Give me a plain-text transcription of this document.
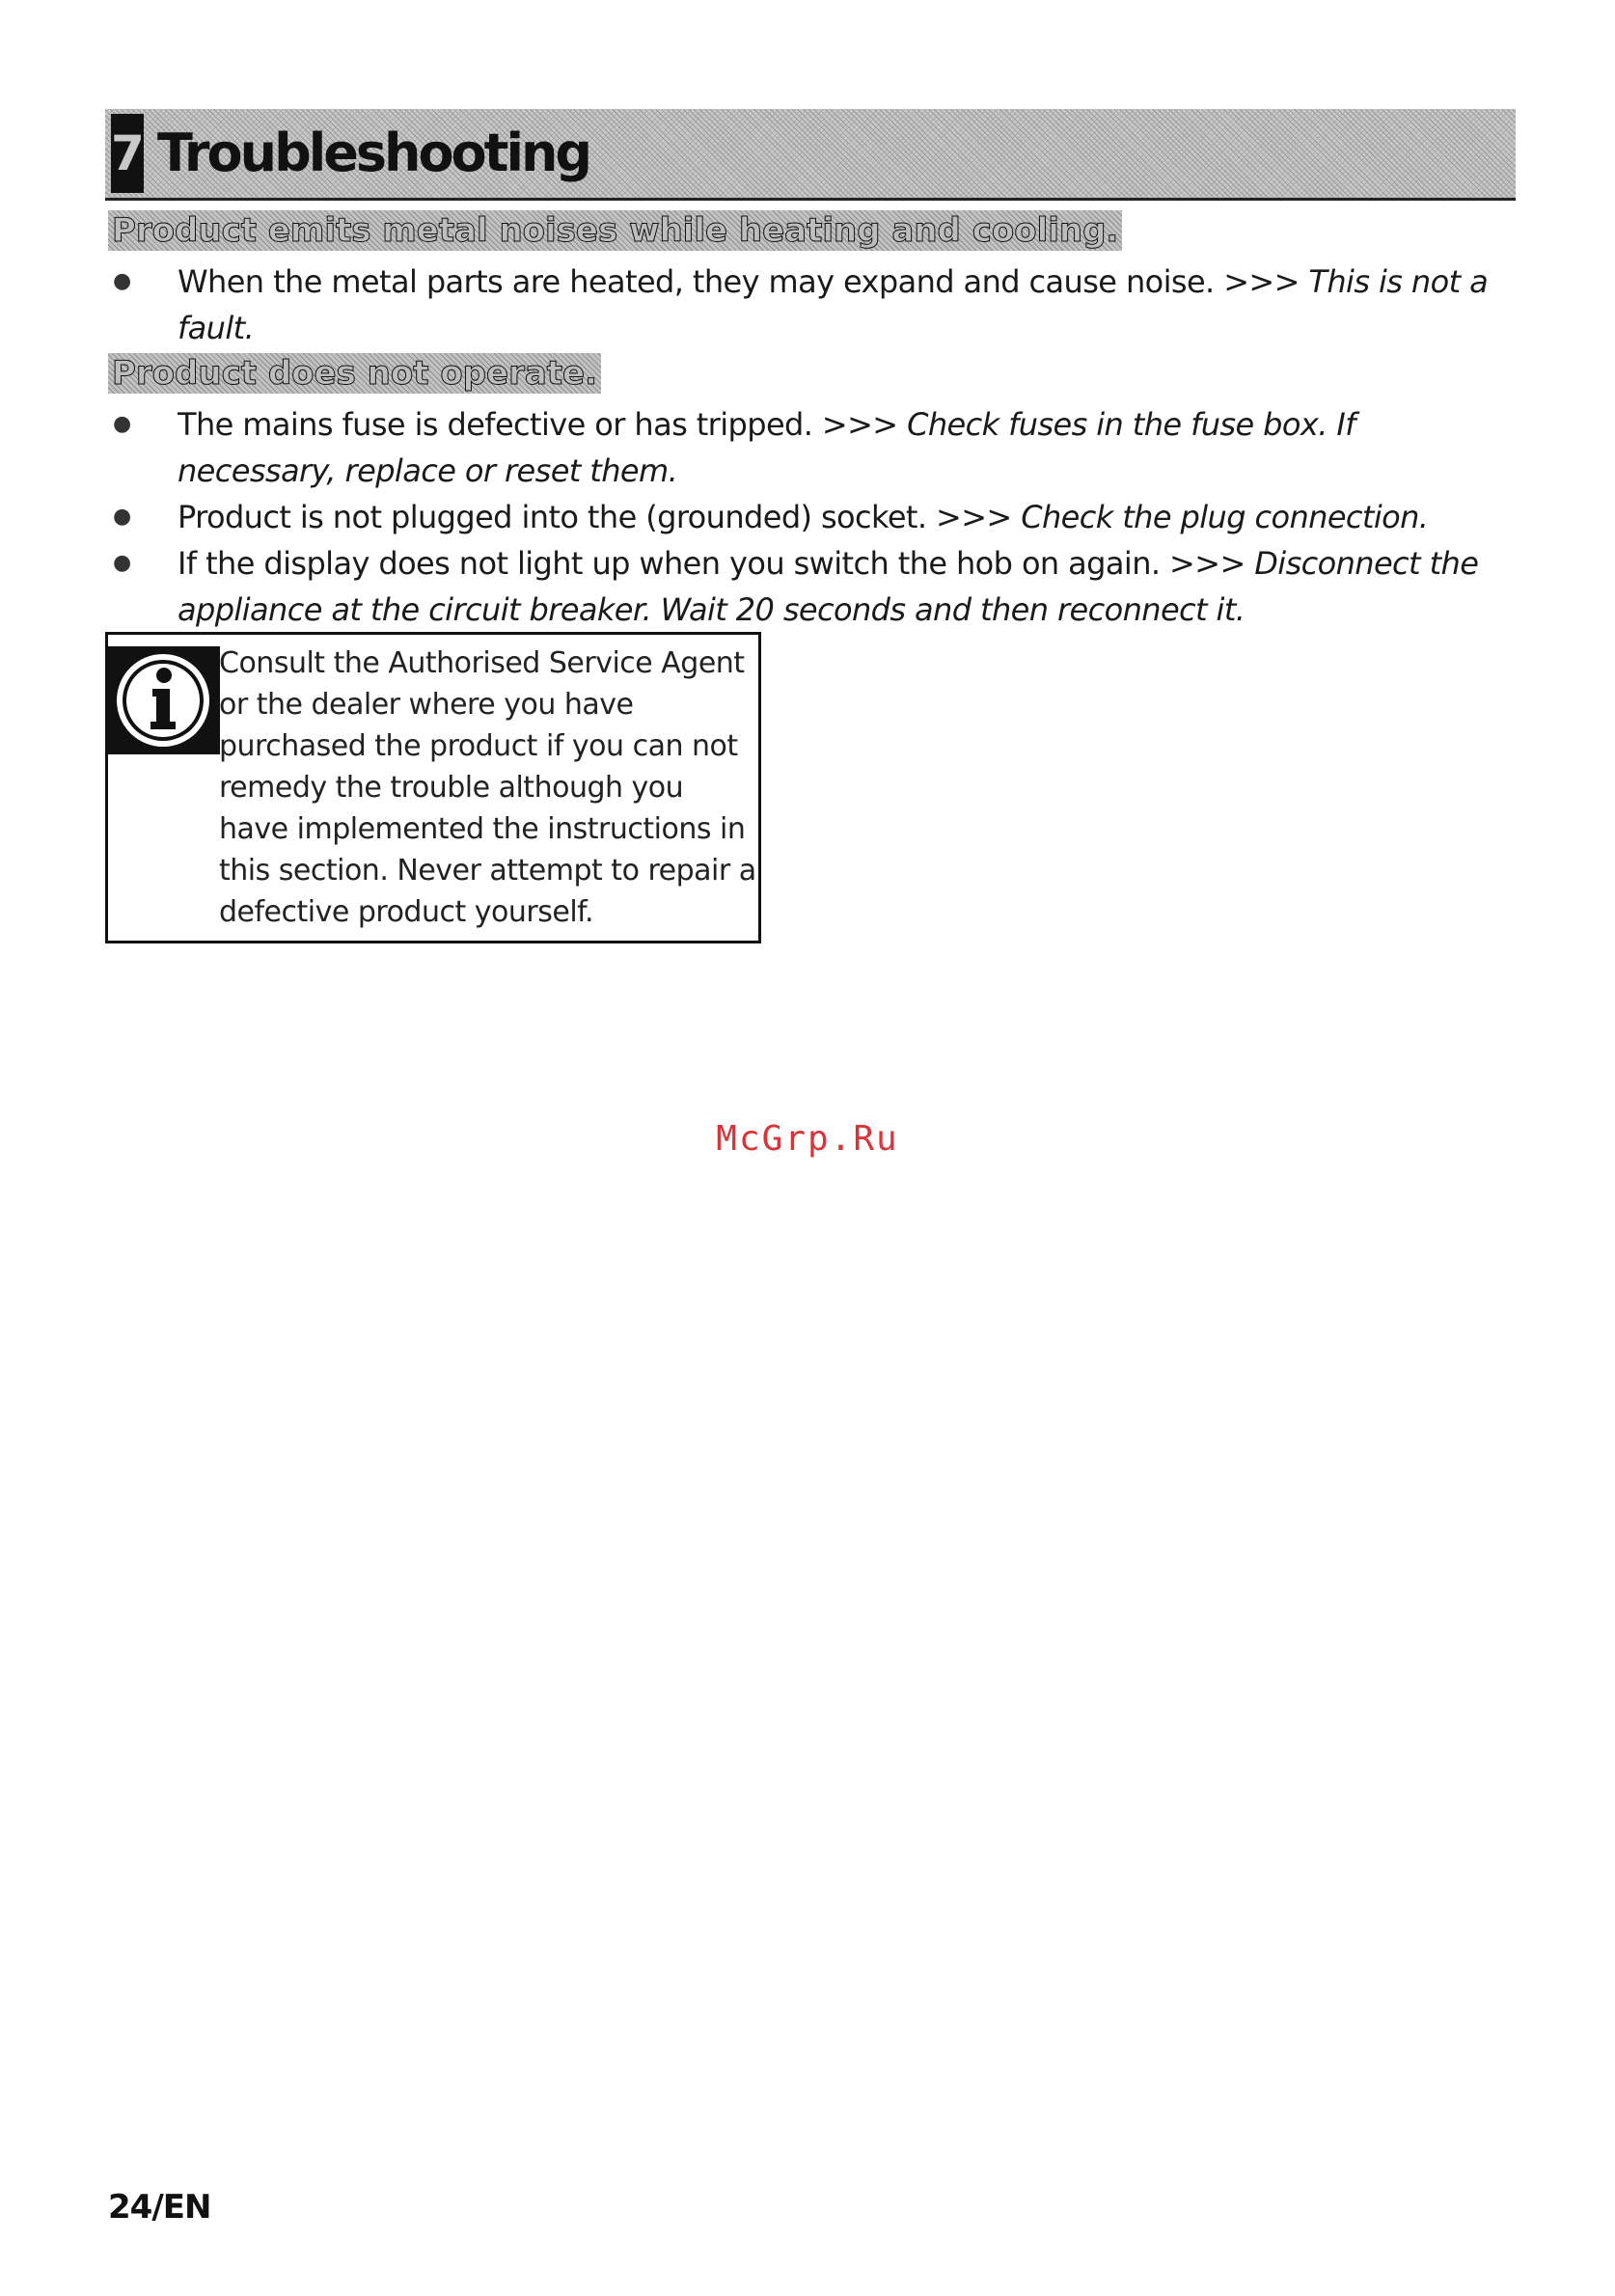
7 Troubleshooting
Product emits metal noises while heating and cooling.
● When the metal parts are heated, they may expand and cause noise. >>> This is not a fault.
Product does not operate.
● The mains fuse is defective or has tripped. >>> Check fuses in the fuse box. If necessary, replace or reset them.
● Product is not plugged into the (grounded) socket. >>> Check the plug connection.
● If the display does not light up when you switch the hob on again. >>> Disconnect the appliance at the circuit breaker. Wait 20 seconds and then reconnect it.
Consult the Authorised Service Agent or the dealer where you have purchased the product if you can not remedy the trouble although you have implemented the instructions in this section. Never attempt to repair a defective product yourself.
McGrp.Ru
24/EN
